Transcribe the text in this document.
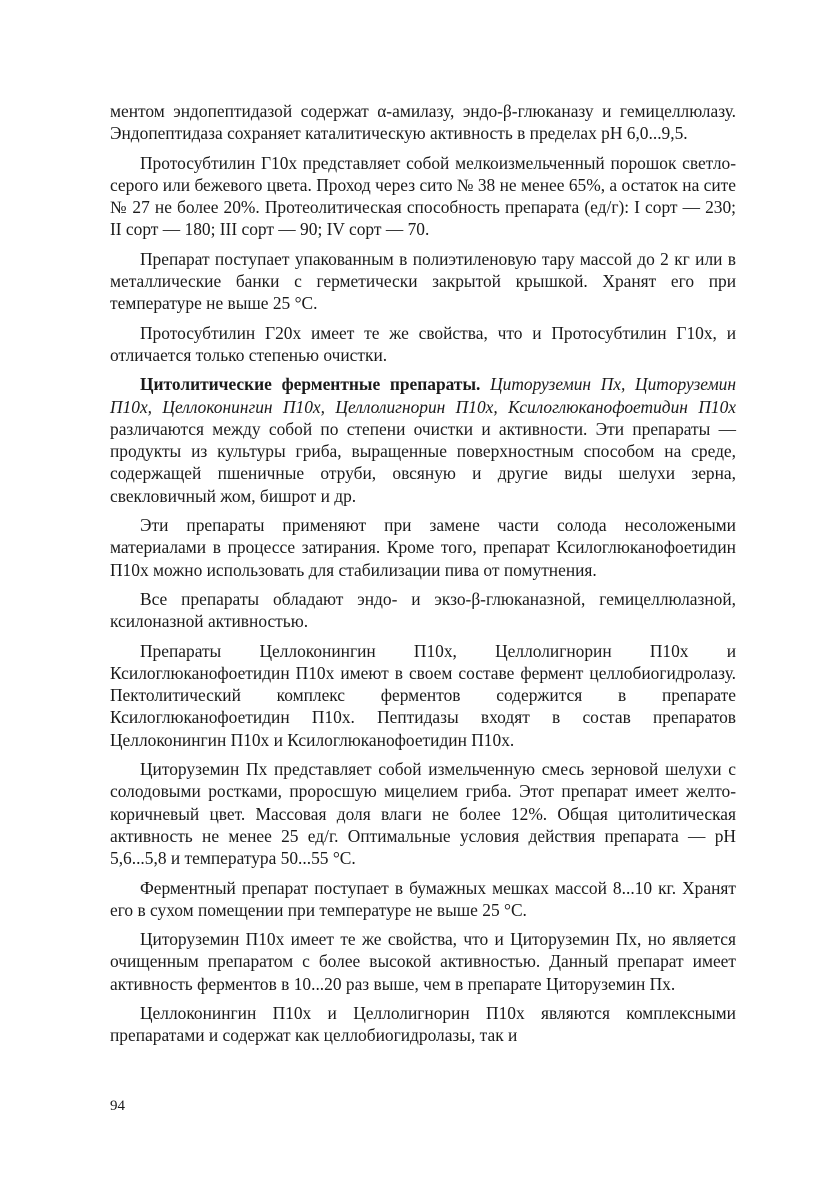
ментом эндопептидазой содержат α-амилазу, эндо-β-глюканазу и гемицеллюлазу. Эндопептидаза сохраняет каталитическую активность в пределах pH 6,0...9,5.

Протосубтилин Г10х представляет собой мелкоизмельченный порошок светло-серого или бежевого цвета. Проход через сито № 38 не менее 65%, а остаток на сите № 27 не более 20%. Протеолитическая способность препарата (ед/г): I сорт — 230; II сорт — 180; III сорт — 90; IV сорт — 70.

Препарат поступает упакованным в полиэтиленовую тару массой до 2 кг или в металлические банки с герметически закрытой крышкой. Хранят его при температуре не выше 25 °С.

Протосубтилин Г20х имеет те же свойства, что и Протосубтилин Г10х, и отличается только степенью очистки.

Цитолитические ферментные препараты. Циторуземин Пх, Циторуземин П10х, Целлоконингин П10х, Целлолигнорин П10х, Ксилоглюканофоетидин П10х различаются между собой по степени очистки и активности. Эти препараты — продукты из культуры гриба, выращенные поверхностным способом на среде, содержащей пшеничные отруби, овсяную и другие виды шелухи зерна, свекловичный жом, бишрот и др.

Эти препараты применяют при замене части солода несоложеными материалами в процессе затирания. Кроме того, препарат Ксилоглюканофоетидин П10х можно использовать для стабилизации пива от помутнения.

Все препараты обладают эндо- и экзо-β-глюканазной, гемицеллюлазной, ксилоназной активностью.

Препараты Целлоконингин П10х, Целлолигнорин П10х и Ксилоглюканофоетидин П10х имеют в своем составе фермент целлобиогидролазу. Пектолитический комплекс ферментов содержится в препарате Ксилоглюканофоетидин П10х. Пептидазы входят в состав препаратов Целлоконингин П10х и Ксилоглюканофоетидин П10х.

Циторуземин Пх представляет собой измельченную смесь зерновой шелухи с солодовыми ростками, проросшую мицелием гриба. Этот препарат имеет желто-коричневый цвет. Массовая доля влаги не более 12%. Общая цитолитическая активность не менее 25 ед/г. Оптимальные условия действия препарата — pH 5,6...5,8 и температура 50...55 °С.

Ферментный препарат поступает в бумажных мешках массой 8...10 кг. Хранят его в сухом помещении при температуре не выше 25 °С.

Циторуземин П10х имеет те же свойства, что и Циторуземин Пх, но является очищенным препаратом с более высокой активностью. Данный препарат имеет активность ферментов в 10...20 раз выше, чем в препарате Циторуземин Пх.

Целлоконингин П10х и Целлолигнорин П10х являются комплексными препаратами и содержат как целлобиогидролазы, так и

94
